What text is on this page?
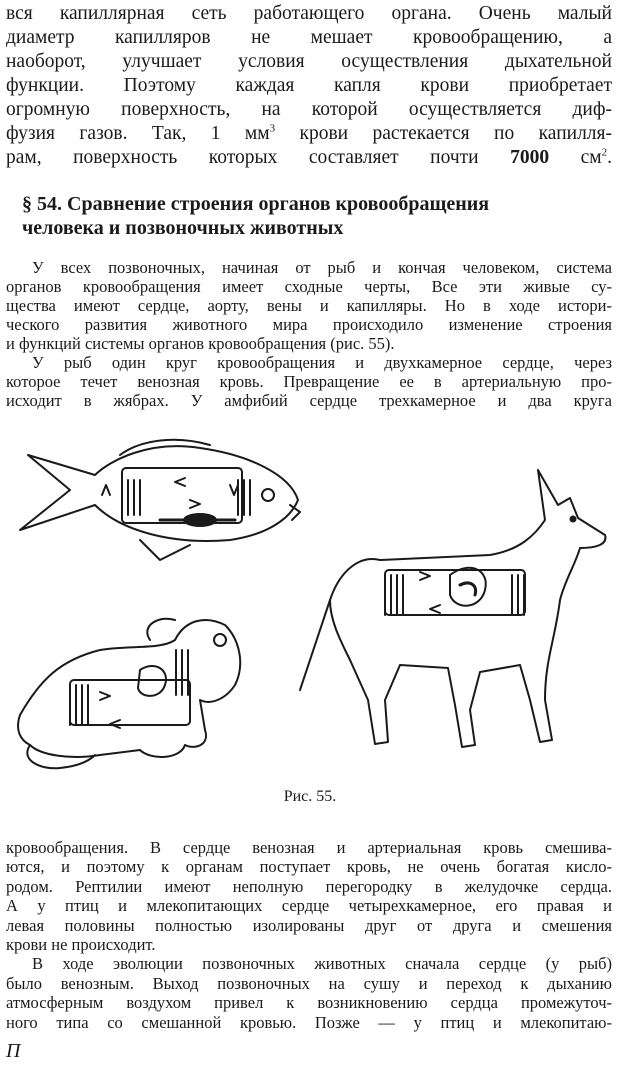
вся капиллярная сеть работающего органа. Очень малый
диаметр капилляров не мешает кровообращению, а
наоборот, улучшает условия осуществления дыхательной
функции. Поэтому каждая капля крови приобретает
огромную поверхность, на которой осуществляется диф-
фузия газов. Так, 1 $мм^3$ крови растекается по капилля-
рам, поверхность которых составляет почти 7000 $см^2$.
§ 54. Сравнение строения органов кровообращения
человека и позвоночных животных
У всех позвоночных, начиная от рыб и кончая человеком, система
органов кровообращения имеет сходные черты, Все эти живые су-
щества имеют сердце, аорту, вены и капилляры. Но в ходе истори-
ческого развития животного мира происходило изменение строения
и функций системы органов кровообращения (рис. 55).
У рыб один круг кровообращения и двухкамерное сердце, через
которое течет венозная кровь. Превращение ее в артериальную про-
исходит в жябрах. У амфибий сердце трехкамерное и два круга
Рис. 55.
кровообращения. В сердце венозная и артериальная кровь смешива-
ются, и поэтому к органам поступает кровь, не очень богатая кисло-
родом. Рептилии имеют неполную перегородку в желудочке сердца.
А у птиц и млекопитающих сердце четырехкамерное, его правая и
левая половины полностью изолированы друг от друга и смешения
крови не происходит.
В ходе эволюции позвоночных животных сначала сердце (у рыб)
было венозным. Выход позвоночных на сушу и переход к дыханию
атмосферным воздухом привел к возникновению сердца промежуточ-
ного типа со смешанной кровью. Позже — у птиц и млекопитаю-
П
